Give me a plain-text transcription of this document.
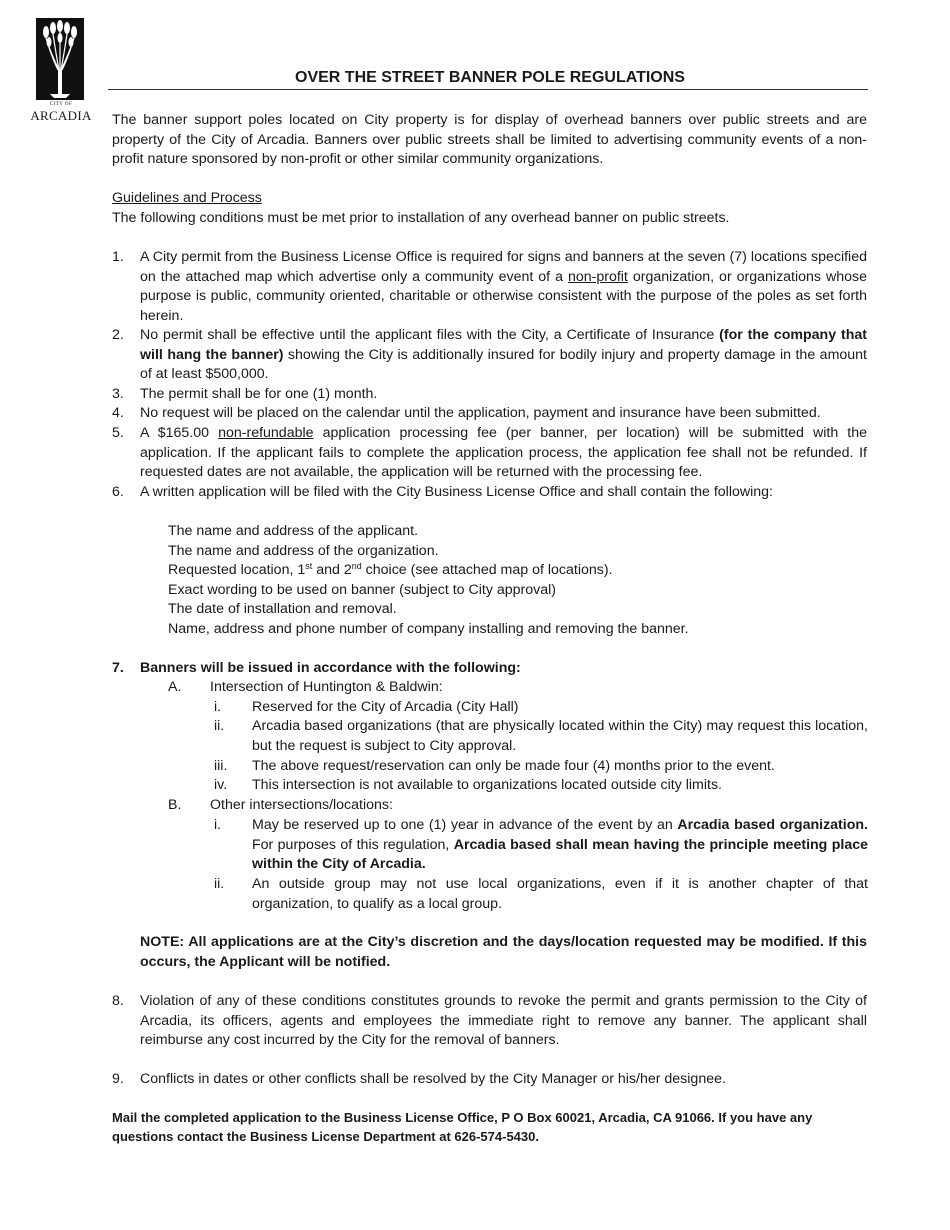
CITY OF
ARCADIA
OVER THE STREET BANNER POLE REGULATIONS
The banner support poles located on City property is for display of overhead banners over public streets and are property of the City of Arcadia. Banners over public streets shall be limited to advertising community events of a non-profit nature sponsored by non-profit or other similar community organizations.
Guidelines and Process
The following conditions must be met prior to installation of any overhead banner on public streets.
1. A City permit from the Business License Office is required for signs and banners at the seven (7) locations specified on the attached map which advertise only a community event of a non-profit organization, or organizations whose purpose is public, community oriented, charitable or otherwise consistent with the purpose of the poles as set forth herein.
2. No permit shall be effective until the applicant files with the City, a Certificate of Insurance (for the company that will hang the banner) showing the City is additionally insured for bodily injury and property damage in the amount of at least $500,000.
3. The permit shall be for one (1) month.
4. No request will be placed on the calendar until the application, payment and insurance have been submitted.
5. A $165.00 non-refundable application processing fee (per banner, per location) will be submitted with the application. If the applicant fails to complete the application process, the application fee shall not be refunded. If requested dates are not available, the application will be returned with the processing fee.
6. A written application will be filed with the City Business License Office and shall contain the following:
The name and address of the applicant.
The name and address of the organization.
Requested location, 1st and 2nd choice (see attached map of locations).
Exact wording to be used on banner (subject to City approval)
The date of installation and removal.
Name, address and phone number of company installing and removing the banner.
7. Banners will be issued in accordance with the following:
A. Intersection of Huntington & Baldwin:
i. Reserved for the City of Arcadia (City Hall)
ii. Arcadia based organizations (that are physically located within the City) may request this location, but the request is subject to City approval.
iii. The above request/reservation can only be made four (4) months prior to the event.
iv. This intersection is not available to organizations located outside city limits.
B. Other intersections/locations:
i. May be reserved up to one (1) year in advance of the event by an Arcadia based organization. For purposes of this regulation, Arcadia based shall mean having the principle meeting place within the City of Arcadia.
ii. An outside group may not use local organizations, even if it is another chapter of that organization, to qualify as a local group.
NOTE: All applications are at the City’s discretion and the days/location requested may be modified. If this occurs, the Applicant will be notified.
8. Violation of any of these conditions constitutes grounds to revoke the permit and grants permission to the City of Arcadia, its officers, agents and employees the immediate right to remove any banner. The applicant shall reimburse any cost incurred by the City for the removal of banners.
9. Conflicts in dates or other conflicts shall be resolved by the City Manager or his/her designee.
Mail the completed application to the Business License Office, P O Box 60021, Arcadia, CA 91066. If you have any questions contact the Business License Department at 626-574-5430.
